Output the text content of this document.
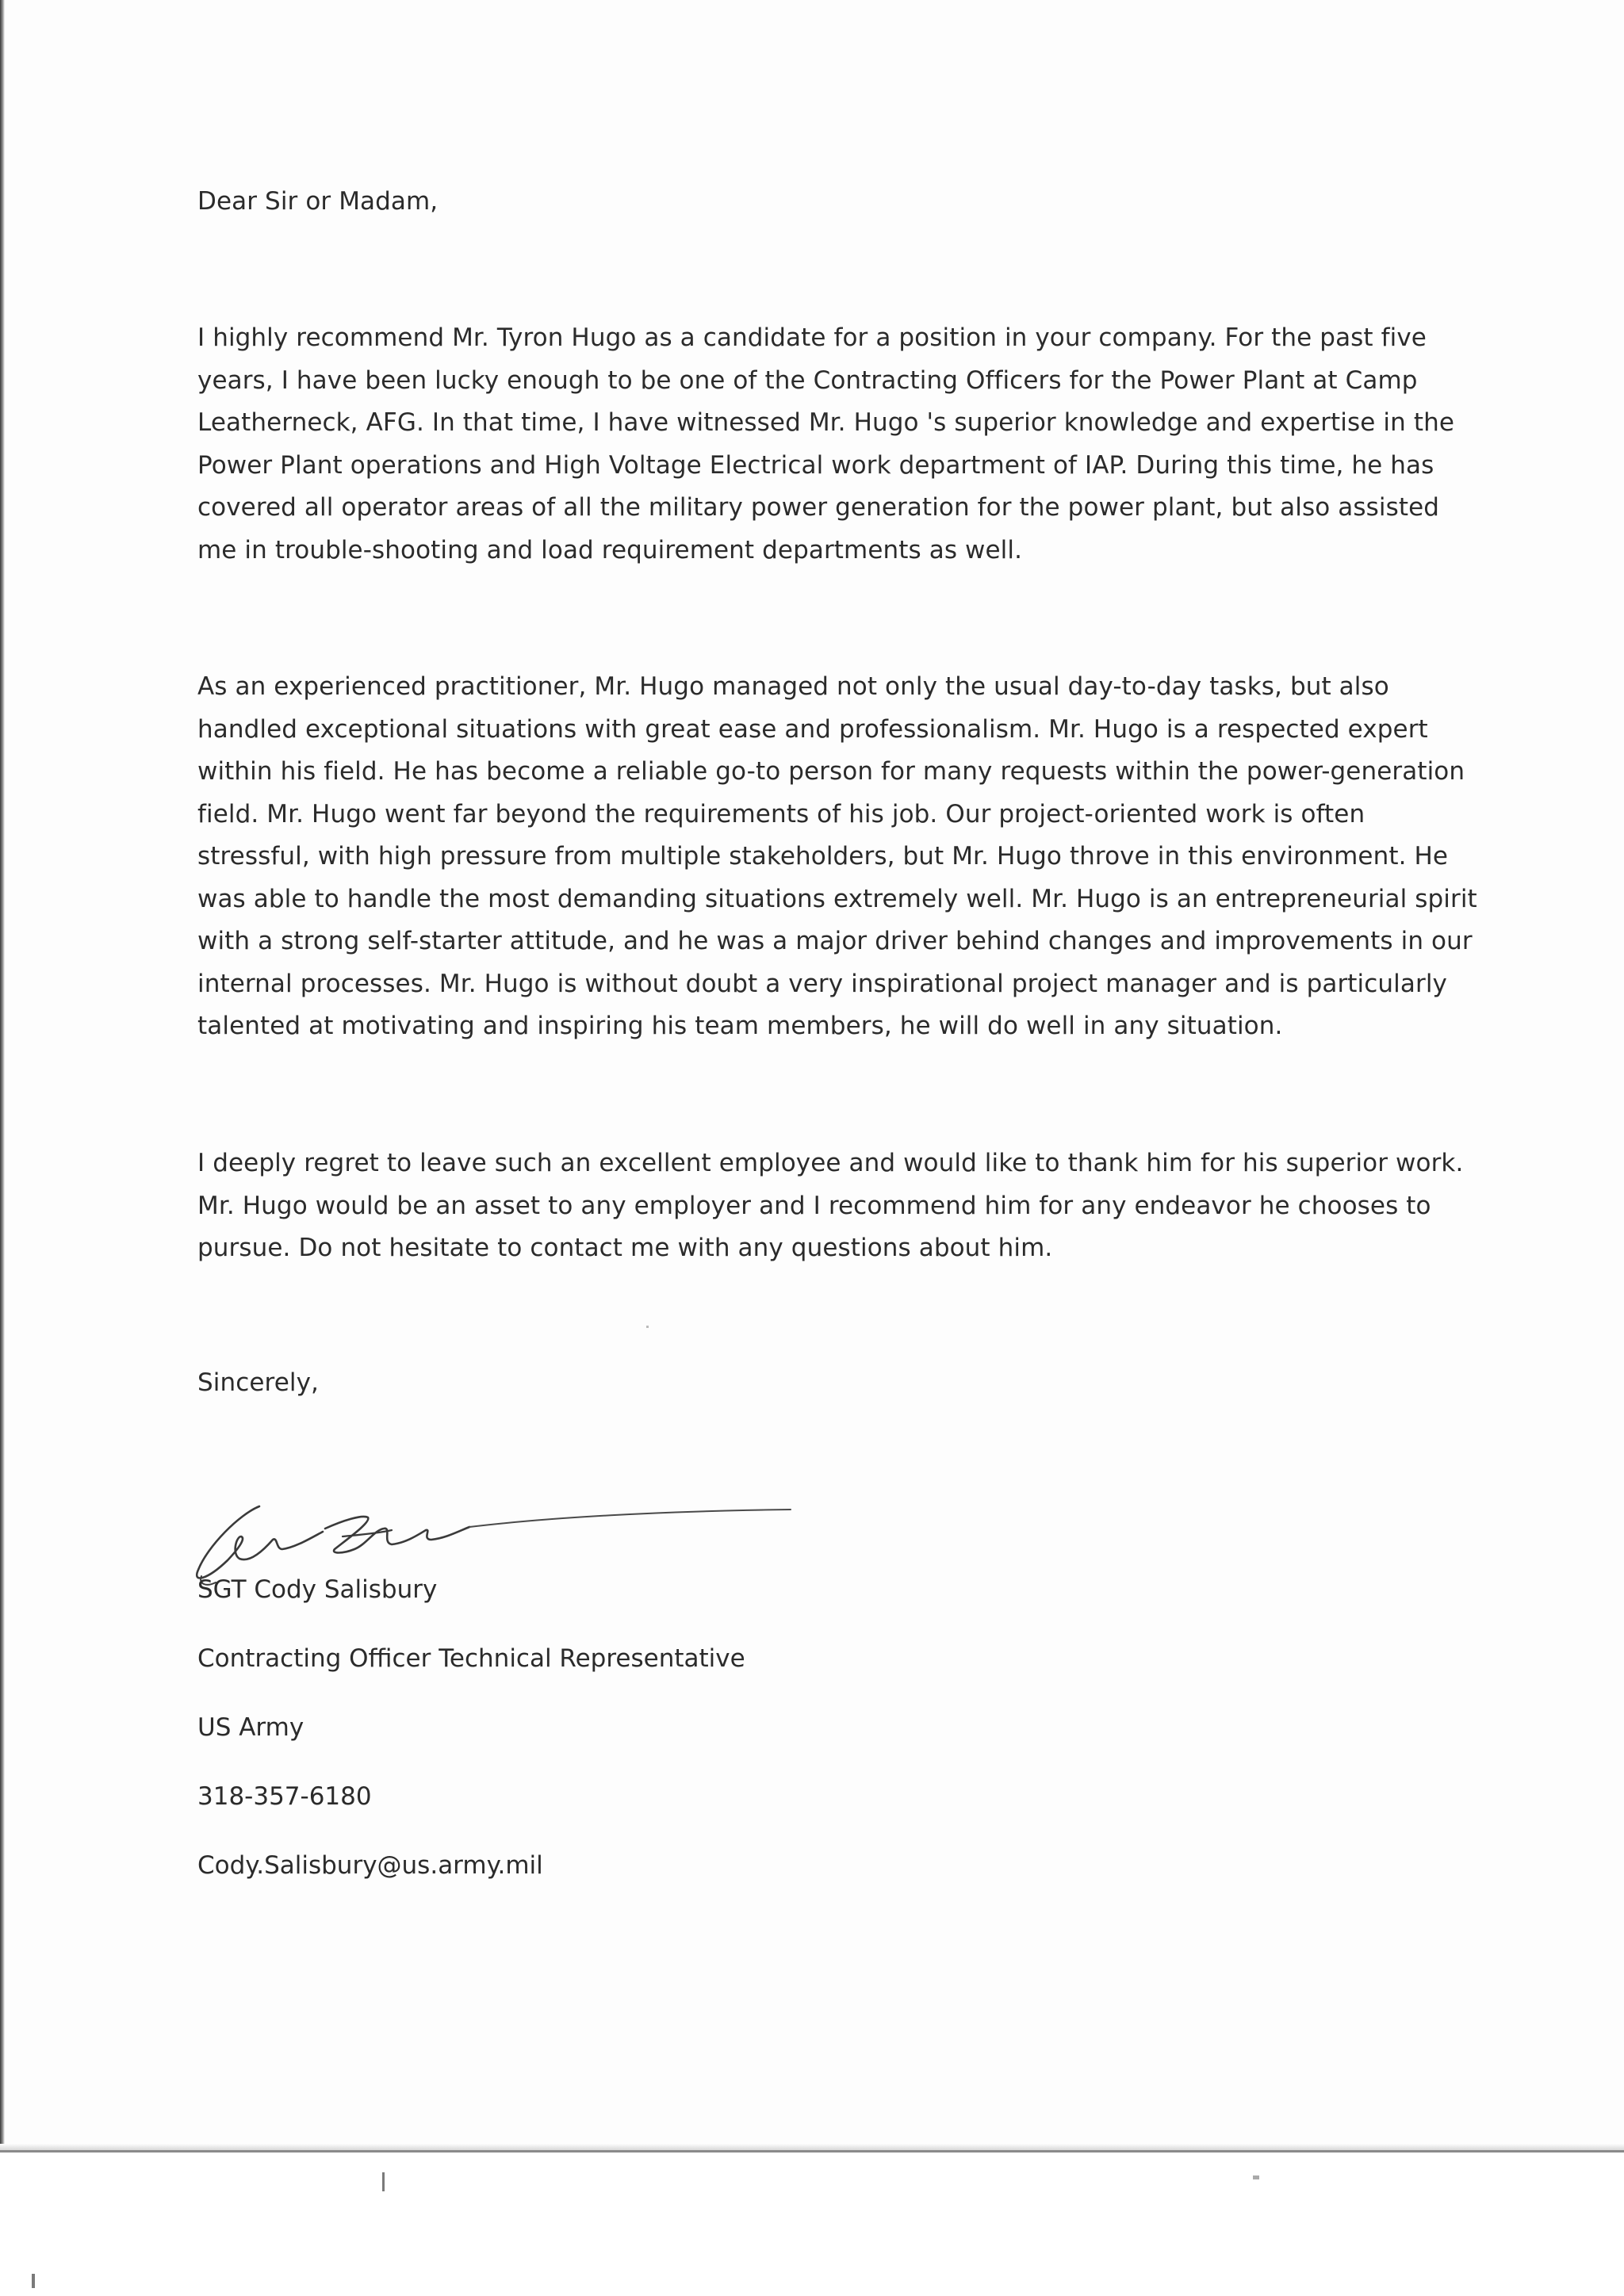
Dear Sir or Madam,
I highly recommend Mr. Tyron Hugo as a candidate for a position in your company. For the past five years, I have been lucky enough to be one of the Contracting Officers for the Power Plant at Camp Leatherneck, AFG. In that time, I have witnessed Mr. Hugo 's superior knowledge and expertise in the Power Plant operations and High Voltage Electrical work department of IAP. During this time, he has covered all operator areas of all the military power generation for the power plant, but also assisted me in trouble-shooting and load requirement departments as well.
As an experienced practitioner, Mr. Hugo managed not only the usual day-to-day tasks, but also handled exceptional situations with great ease and professionalism. Mr. Hugo is a respected expert within his field. He has become a reliable go-to person for many requests within the power-generation field. Mr. Hugo went far beyond the requirements of his job. Our project-oriented work is often stressful, with high pressure from multiple stakeholders, but Mr. Hugo throve in this environment. He was able to handle the most demanding situations extremely well. Mr. Hugo is an entrepreneurial spirit with a strong self-starter attitude, and he was a major driver behind changes and improvements in our internal processes. Mr. Hugo is without doubt a very inspirational project manager and is particularly talented at motivating and inspiring his team members, he will do well in any situation.
I deeply regret to leave such an excellent employee and would like to thank him for his superior work. Mr. Hugo would be an asset to any employer and I recommend him for any endeavor he chooses to pursue. Do not hesitate to contact me with any questions about him.
Sincerely,
SGT Cody Salisbury
Contracting Officer Technical Representative
US Army
318-357-6180
Cody.Salisbury@us.army.mil
